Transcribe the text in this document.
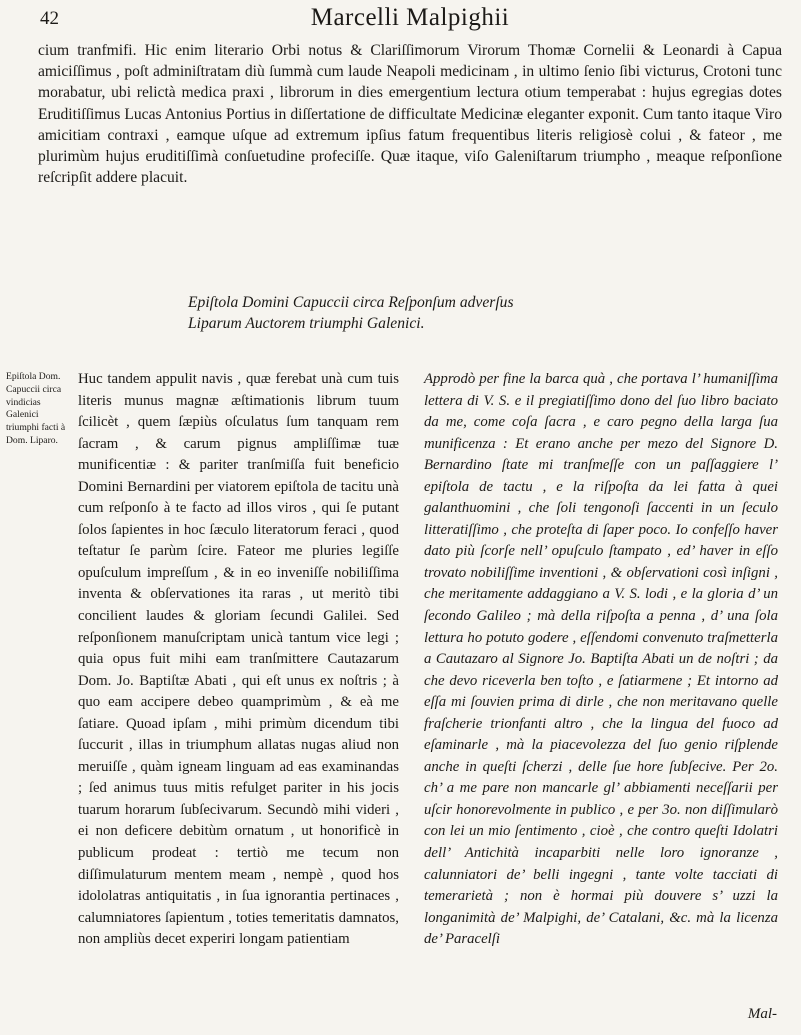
42	Marcelli Malpighii

cium tranfmifi. Hic enim literario Orbi notus & Clariſſimorum Virorum Thomæ Cornelii & Leonardi à Capua amiciſſimus , poſt adminiſtratam diù ſummà cum laude Neapoli medicinam , in ultimo ſenio ſibi victurus, Crotoni tunc morabatur, ubi relictà medica praxi , librorum in dies emergentium lectura otium temperabat : hujus egregias dotes Eruditiſſimus Lucas Antonius Portius in diſſertatione de difficultate Medicinæ eleganter exponit. Cum tanto itaque Viro amicitiam contraxi , eamque uſque ad extremum ipſius fatum frequentibus literis religiosè colui , & fateor , me plurimùm hujus eruditiſſimà conſuetudine profeciſſe. Quæ itaque, viſo Galeniſtarum triumpho , meaque reſponſione reſcripſit addere placuit.

Epiſtola Domini Capuccii circa Reſponſum adverſus Liparum Auctorem triumphi Galenici.

Epiſtola Dom. Capuccii circa vindicias Galenici triumphi facti à Dom. Liparo.

Huc tandem appulit navis , quæ ferebat unà cum tuis literis munus magnæ æſtimationis librum tuum ſcilicèt , quem ſæpiùs oſculatus ſum tanquam rem ſacram , & carum pignus ampliſſimæ tuæ munificentiæ : & pariter tranſmiſſa fuit beneficio Domini Bernardini per viatorem epiſtola de tacitu unà cum reſponſo à te facto ad illos viros , qui ſe putant ſolos ſapientes in hoc ſæculo literatorum feraci , quod teſtatur ſe parùm ſcire. Fateor me pluries legiſſe opuſculum impreſſum , & in eo inveniſſe nobiliſſima inventa & obſervationes ita raras , ut meritò tibi concilient laudes & gloriam ſecundi Galilei. Sed reſponſionem manuſcriptam unicà tantum vice legi ; quia opus fuit mihi eam tranſmittere Cautazarum Dom. Jo. Baptiſtæ Abati , qui eſt unus ex noſtris ; à quo eam accipere debeo quamprimùm , & eà me ſatiare. Quoad ipſam , mihi primùm dicendum tibi ſuccurit , illas in triumphum allatas nugas aliud non meruiſſe , quàm igneam linguam ad eas examinandas ; ſed animus tuus mitis refulget pariter in his jocis tuarum horarum ſubſecivarum. Secundò mihi videri , ei non deficere debitùm ornatum , ut honorificè in publicum prodeat : tertiò me tecum non diſſimulaturum mentem meam , nempè , quod hos idololatras antiquitatis , in ſua ignorantia pertinaces , calumniatores ſapientum , toties temeritatis damnatos, non ampliùs decet experiri longam patientiam

Approdò per fine la barca quà , che portava l’ humaniſſima lettera di V. S. e il pregiatiſſimo dono del ſuo libro baciato da me, come coſa ſacra , e caro pegno della larga ſua munificenza : Et erano anche per mezo del Signore D. Bernardino ſtate mi tranſmeſſe con un paſſaggiere l’ epiſtola de tactu , e la riſpoſta da lei fatta à quei galanthuomini , che ſoli tengonoſi ſaccenti in un ſeculo litteratiſſimo , che proteſta di ſaper poco. Io confeſſo haver dato più ſcorſe nell’ opuſculo ſtampato , ed’ haver in eſſo trovato nobiliſſime inventioni , & obſervationi così inſigni , che meritamente addaggiano a V. S. lodi , e la gloria d’ un ſecondo Galileo ; mà della riſpoſta a penna , d’ una ſola lettura ho potuto godere , eſſendomi convenuto traſmetterla a Cautazaro al Signore Jo. Baptiſta Abati un de noſtri ; da che devo riceverla ben toſto , e ſatiarmene ; Et intorno ad eſſa mi ſouvien prima di dirle , che non meritavano quelle fraſcherie trionfanti altro , che la lingua del fuoco ad eſaminarle , mà la piacevolezza del ſuo genio riſplende anche in queſti ſcherzi , delle ſue hore ſubſecive. Per 2o. ch’ a me pare non mancarle gl’ abbiamenti neceſſarii per uſcir honorevolmente in publico , e per 3o. non diſſimularò con lei un mio ſentimento , cioè , che contro queſti Idolatri dell’ Antichità incaparbiti nelle loro ignoranze , calunniatori de’ belli ingegni , tante volte tacciati di temerarietà ; non è hormai più douvere s’ uzzi la longanimità de’ Malpighi, de’ Catalani, &c. mà la licenza de’ Paracelſi

Mal-
